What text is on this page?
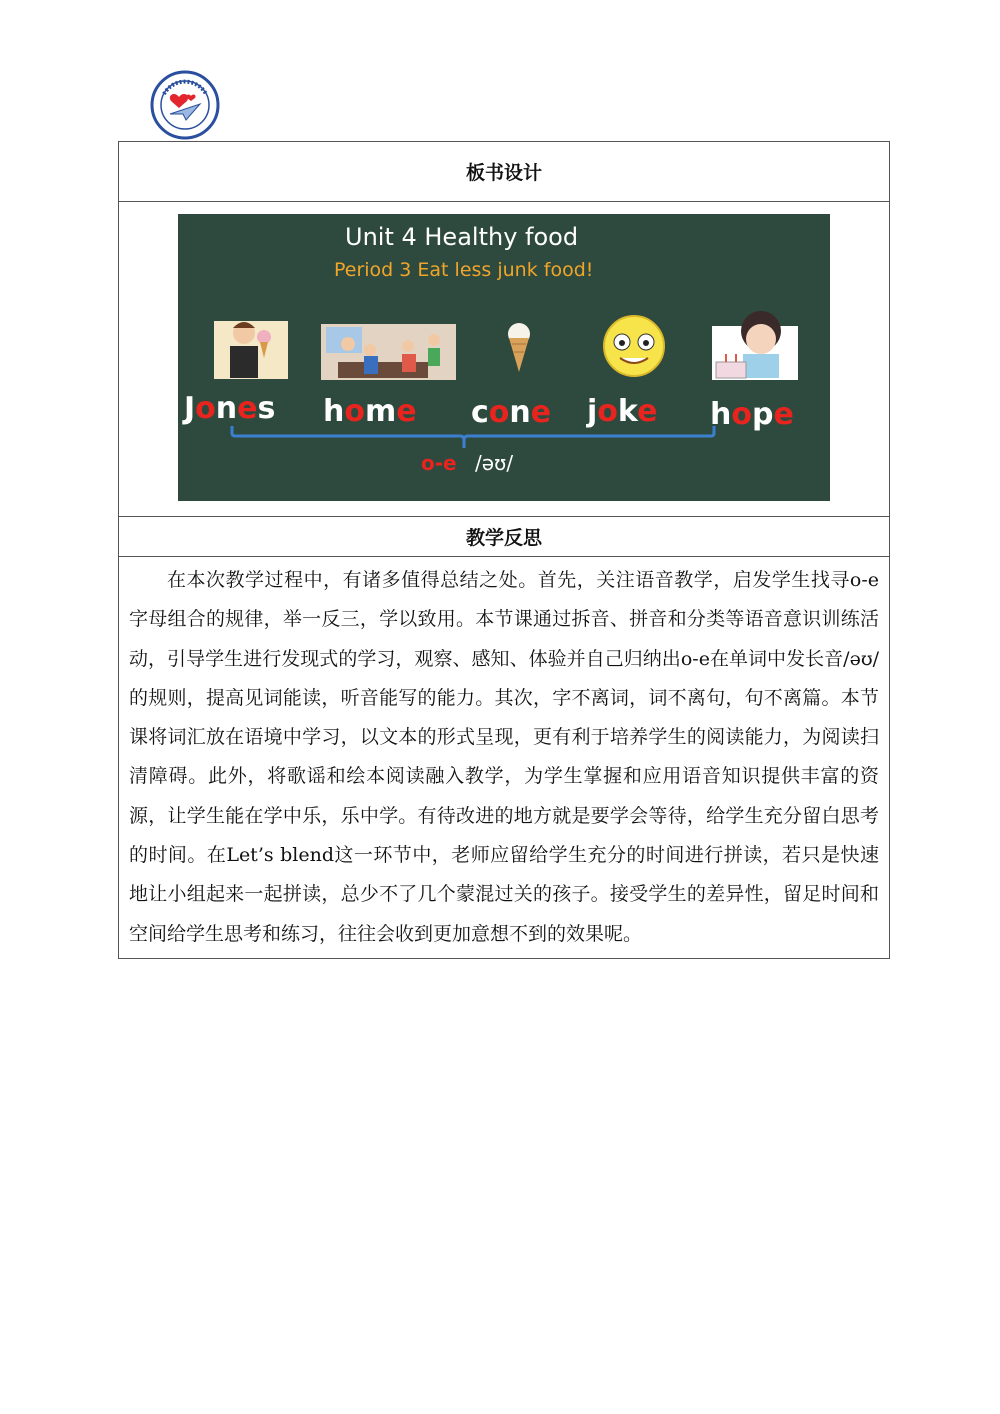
板书设计
Unit 4 Healthy food
Period 3 Eat less junk food!
Jones home cone joke hope
o-e /əʊ/
教学反思

在本次教学过程中，有诸多值得总结之处。首先，关注语音教学，启发学生找寻o-e字母组合的规律，举一反三，学以致用。本节课通过拆音、拼音和分类等语音意识训练活动，引导学生进行发现式的学习，观察、感知、体验并自己归纳出o-e在单词中发长音/əʊ/的规则，提高见词能读，听音能写的能力。其次，字不离词，词不离句，句不离篇。本节课将词汇放在语境中学习，以文本的形式呈现，更有利于培养学生的阅读能力，为阅读扫清障碍。此外，将歌谣和绘本阅读融入教学，为学生掌握和应用语音知识提供丰富的资源，让学生能在学中乐，乐中学。有待改进的地方就是要学会等待，给学生充分留白思考的时间。在Let’s blend这一环节中，老师应留给学生充分的时间进行拼读，若只是快速地让小组起来一起拼读，总少不了几个蒙混过关的孩子。接受学生的差异性，留足时间和空间给学生思考和练习，往往会收到更加意想不到的效果呢。
